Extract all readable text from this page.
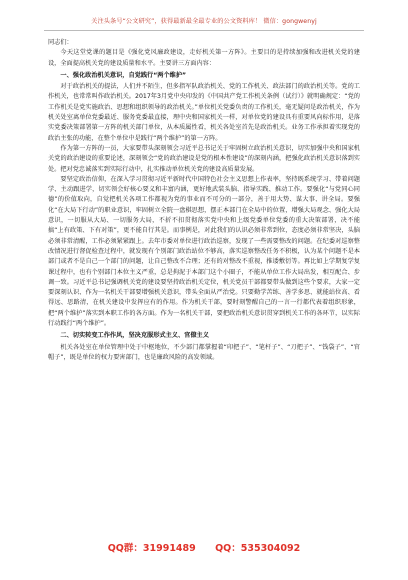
关注头条号“公文研究”，获得最新最全最专业的公文资料库！ 微信：gongwenyj

同志们：

今天这堂党课的题目是《强化党风廉政建设，走好机关第一方阵》。主要目的是持续加强和改进机关党的建设，全面提高机关党的建设质量和水平。主要讲三方面内容：

一、强化政治机关意识，自觉践行“两个维护”

对于政治机关的提法，人们并不陌生，但多指军队政治机关、党的工作机关、政法部门的政治机关等。党的工作机关，也常常叫作政治机关。2017年3月党中央印发的《中国共产党工作机关条例（试行）》就明确规定：“党的工作机关是党实施政治、思想和组织领导的政治机关。”单位机关党委负责的工作机关，毫无疑问是政治机关，作为机关处室离单位党委最近、服务党委最直接，理中央和国家机关一样，对单位党的建设具有重要风向标作用，是落实党委决策部署第一方阵的机关部门单位，从本质属性看，机关各处室首先是政治机关。业务工作承担着实现党的政治主张的功能，在整个单位中是践行“两个维护”的第一方阵。

作为第一方阵的一员，大家要带头深刻领会习近平总书记关于牢固树立政治机关意识，切实加强中央和国家机关党的政治建设的重要论述，深刻领会“党的政治建设是党的根本性建设”的深刻内涵，把强化政治机关意识落到实处。把对党忠诚落实到实际行动中，扎实推动单位机关党的建设高质量发展。

要坚定政治信仰，在深入学习贯彻习近平新时代中国特色社会主义思想上作表率，坚持既系统学习、带着问题学、主动跟进学，切实领会好核心要义和丰富内涵，更好地武装头脑、指导实践、推动工作。要强化“与党同心同德”的价值取向，自觉把机关各项工作都视为党的事业而不可分的一部分，善于用大势、谋大事、讲全局。要强化“在大局下行动”的职业意识，牢固树立全院一盘棋思想，摆正本部门在全局中的位置，增强大局观念、强化大局意识，一切服从大局、一切服务大局，不折不扣贯彻落实党中央和上级党委单位党委的重大决策部署，决不能搞“上有政策、下有对策”，更不能自行其是。而事例是，对此我们的认识必须非常到位，态度必须非常坚决，头脑必须非常清醒，工作必须紧紧跟上。去年市委对单位进行政治巡察，发现了一些需要整改的问题。在纪委对巡察整改情况进行督促检查过程中，就发现有个别部门政治站位不够高，落实巡察整改任务不积极，认为某个问题不是本部门或者不是自己一个部门的问题，让自己整改不合理；还有的对整改不重视，推诿敷衍等。再比如上学期复学复课过程中，也有个别部门本位主义严重，总是拘泥于本部门这个小圈子，不能从单位工作大局出发，相互配合、步调一致。习近平总书记强调机关党的建设要坚持政治机关定位，机关党员干部都要带头做到这些个要求，大家一定要深刻认识、作为一名机关干部要增强机关意识，带头全面从严治党。只要勤学苦练、善学多思、就能站位高、看得远、思路清，在机关建设中发挥应有的作用。作为机关干部，要时刻警醒自己的一言一行都代表着组织形象，把“两个维护”落实到本职工作的各方面。作为一名机关干部，要把政治机关意识贯穿到机关工作的各环节，以实际行动践行“两个维护”。

二、切实转变工作作风，坚决克服形式主义、官僚主义

机关各处室在单位管理中处于中枢地位，不少部门都掌握着“印把子”、“笔杆子”、“刀把子”、“钱袋子”、“官帽子”，既是单位的权力要害部门，也是廉政风险的高发领域。

QQ群：31991489 QQ：535304092
